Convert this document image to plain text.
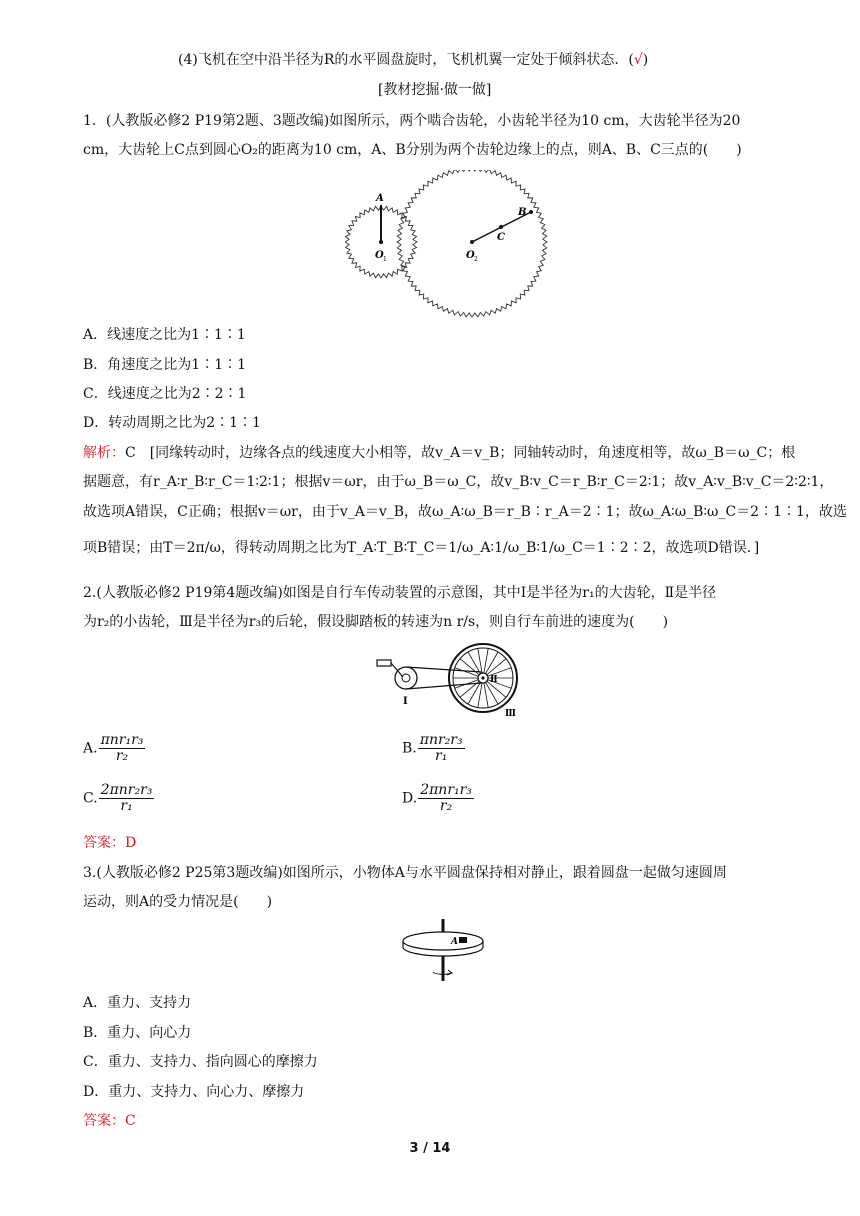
(4)飞机在空中沿半径为R的水平圆盘旋时，飞机机翼一定处于倾斜状态．(√)
[教材挖掘·做一做]
1．(人教版必修2 P19第2题、3题改编)如图所示，两个啮合齿轮，小齿轮半径为10 cm，大齿轮半径为20
cm，大齿轮上C点到圆心O₂的距离为10 cm，A、B分别为两个齿轮边缘上的点，则A、B、C三点的(　　)
A
O 1	O 2
C
B
A．线速度之比为1∶1∶1
B．角速度之比为1∶1∶1
C．线速度之比为2∶2∶1
D．转动周期之比为2∶1∶1
解析：C　[同缘转动时，边缘各点的线速度大小相等，故v_A＝v_B；同轴转动时，角速度相等，故ω_B＝ω_C；根
据题意，有r_A∶r_B∶r_C＝1∶2∶1；根据v＝ωr，由于ω_B＝ω_C，故v_B∶v_C＝r_B∶r_C＝2∶1；故v_A∶v_B∶v_C＝2∶2∶1，
故选项A错误，C正确；根据v＝ωr，由于v_A＝v_B，故ω_A∶ω_B＝r_B∶r_A＝2∶1；故ω_A∶ω_B∶ω_C＝2∶1∶1，故选
项B错误；由T＝2π/ω，得转动周期之比为T_A∶T_B∶T_C＝1/ω_A∶1/ω_B∶1/ω_C＝1∶2∶2，故选项D错误．]
2.(人教版必修2 P19第4题改编)如图是自行车传动装置的示意图，其中Ⅰ是半径为r₁的大齿轮，Ⅱ是半径
为r₂的小齿轮，Ⅲ是半径为r₃的后轮，假设脚踏板的转速为n r/s，则自行车前进的速度为(　　)
Ⅰ
Ⅱ
Ⅲ
A. $\frac{\text{πnr₁r₃}}{\text{r₂}}$	B. $\frac{\text{πnr₂r₃}}{\text{r₁}}$
C. $\frac{\text{2πnr₂r₃}}{\text{r₁}}$	D. $\frac{\text{2πnr₁r₃}}{\text{r₂}}$
答案：D
3.(人教版必修2 P25第3题改编)如图所示，小物体A与水平圆盘保持相对静止，跟着圆盘一起做匀速圆周
运动，则A的受力情况是(　　)
A
A．重力、支持力
B．重力、向心力
C．重力、支持力、指向圆心的摩擦力
D．重力、支持力、向心力、摩擦力
答案：C
3 / 14
